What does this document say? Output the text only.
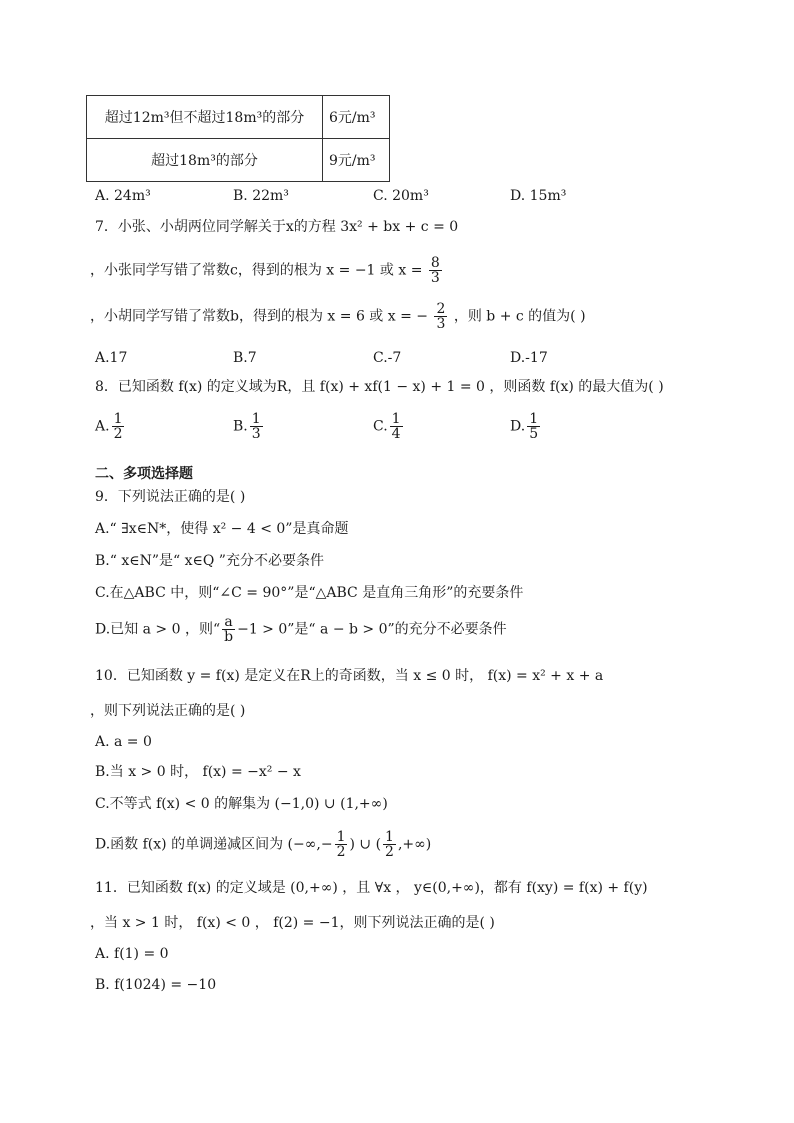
超过12m³但不超过18m³的部分	6元/m³
超过18m³的部分	9元/m³
A. 24m³	B. 22m³	C. 20m³	D. 15m³
7．小张、小胡两位同学解关于x的方程 3x² + bx + c = 0
，小张同学写错了常数c，得到的根为 x = −1 或 $x = \frac{8}{3}$
，小胡同学写错了常数b，得到的根为 x = 6 或 x = − $\frac{2}{3}$ ，则 b + c 的值为( )
A.17	B.7	C.-7	D.-17
8．已知函数 f(x) 的定义域为R，且 f(x) + xf(1 − x) + 1 = 0 ，则函数 f(x) 的最大值为( )
A. $\frac{1}{2}$	B. $\frac{1}{3}$	C. $\frac{1}{4}$	D. $\frac{1}{5}$
二、多项选择题
9．下列说法正确的是( )
A.“ ∃x∈N*，使得 x² − 4 < 0”是真命题
B.“ x∈N”是“ x∈Q ”充分不必要条件
C.在△ABC 中，则“∠C = 90°”是“△ABC 是直角三角形”的充要条件
D.已知 a > 0 ，则“ $\frac{a}{b} -1 > 0$”是“ a − b > 0”的充分不必要条件
10．已知函数 y = f(x) 是定义在R上的奇函数，当 x ≤ 0 时， f(x) = x² + x + a
，则下列说法正确的是( )
A. a = 0
B.当 x > 0 时， f(x) = −x² − x
C.不等式 f(x) < 0 的解集为 (−1,0) ∪ (1,+∞)
D.函数 f(x) 的单调递减区间为 (−∞,− $\frac{1}{2}$ ) ∪ ( $\frac{1}{2}$ ,+∞)
11．已知函数 f(x) 的定义域是 (0,+∞) ，且 ∀x ， y∈(0,+∞)，都有 f(xy) = f(x) + f(y)
，当 x > 1 时， f(x) < 0 ， f(2) = −1，则下列说法正确的是( )
A. f(1) = 0
B. f(1024) = −10
